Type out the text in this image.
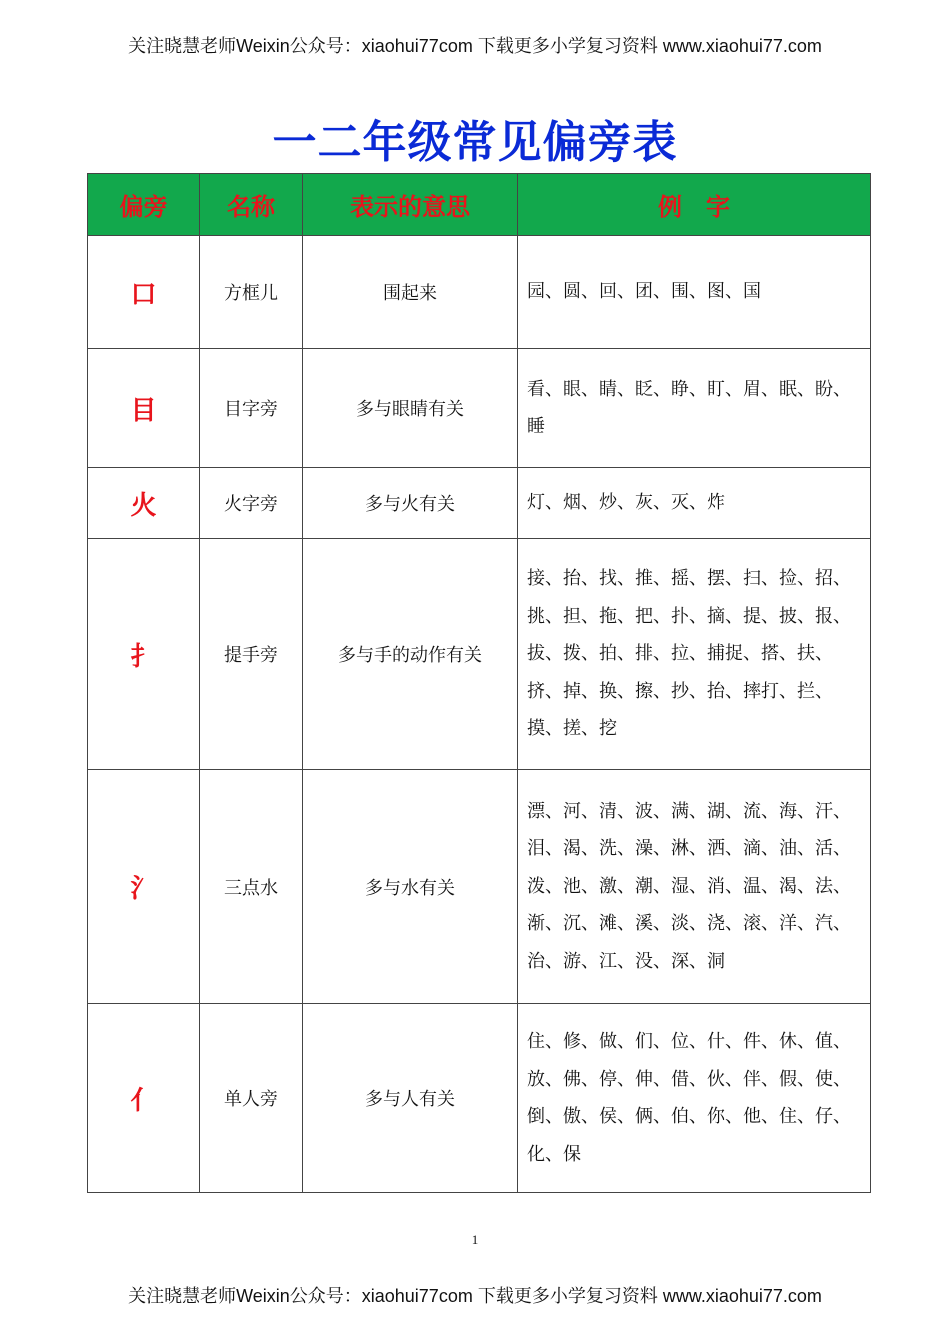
关注晓慧老师Weixin公众号：xiaohui77com 下载更多小学复习资料 www.xiaohui77.com
一二年级常见偏旁表
偏旁	名称	表示的意思	例　字
口	方框儿	围起来	园、圆、回、团、围、图、国
目	目字旁	多与眼睛有关	看、眼、睛、眨、睁、盯、眉、眠、盼、睡
火	火字旁	多与火有关	灯、烟、炒、灰、灭、炸
扌	提手旁	多与手的动作有关	接、抬、找、推、摇、摆、扫、捡、招、挑、担、拖、把、扑、摘、提、披、报、拔、拨、拍、排、拉、捕捉、搭、扶、挤、掉、换、擦、抄、抬、摔打、拦、摸、搓、挖
氵	三点水	多与水有关	漂、河、清、波、满、湖、流、海、汗、泪、渴、洗、澡、淋、洒、滴、油、活、泼、池、激、潮、湿、消、温、渴、法、渐、沉、滩、溪、淡、浇、滚、洋、汽、治、游、江、没、深、洞
亻	单人旁	多与人有关	住、修、做、们、位、什、件、休、值、放、佛、停、伸、借、伙、伴、假、使、倒、傲、侯、俩、伯、你、他、住、仔、化、保
1
关注晓慧老师Weixin公众号：xiaohui77com 下载更多小学复习资料 www.xiaohui77.com
